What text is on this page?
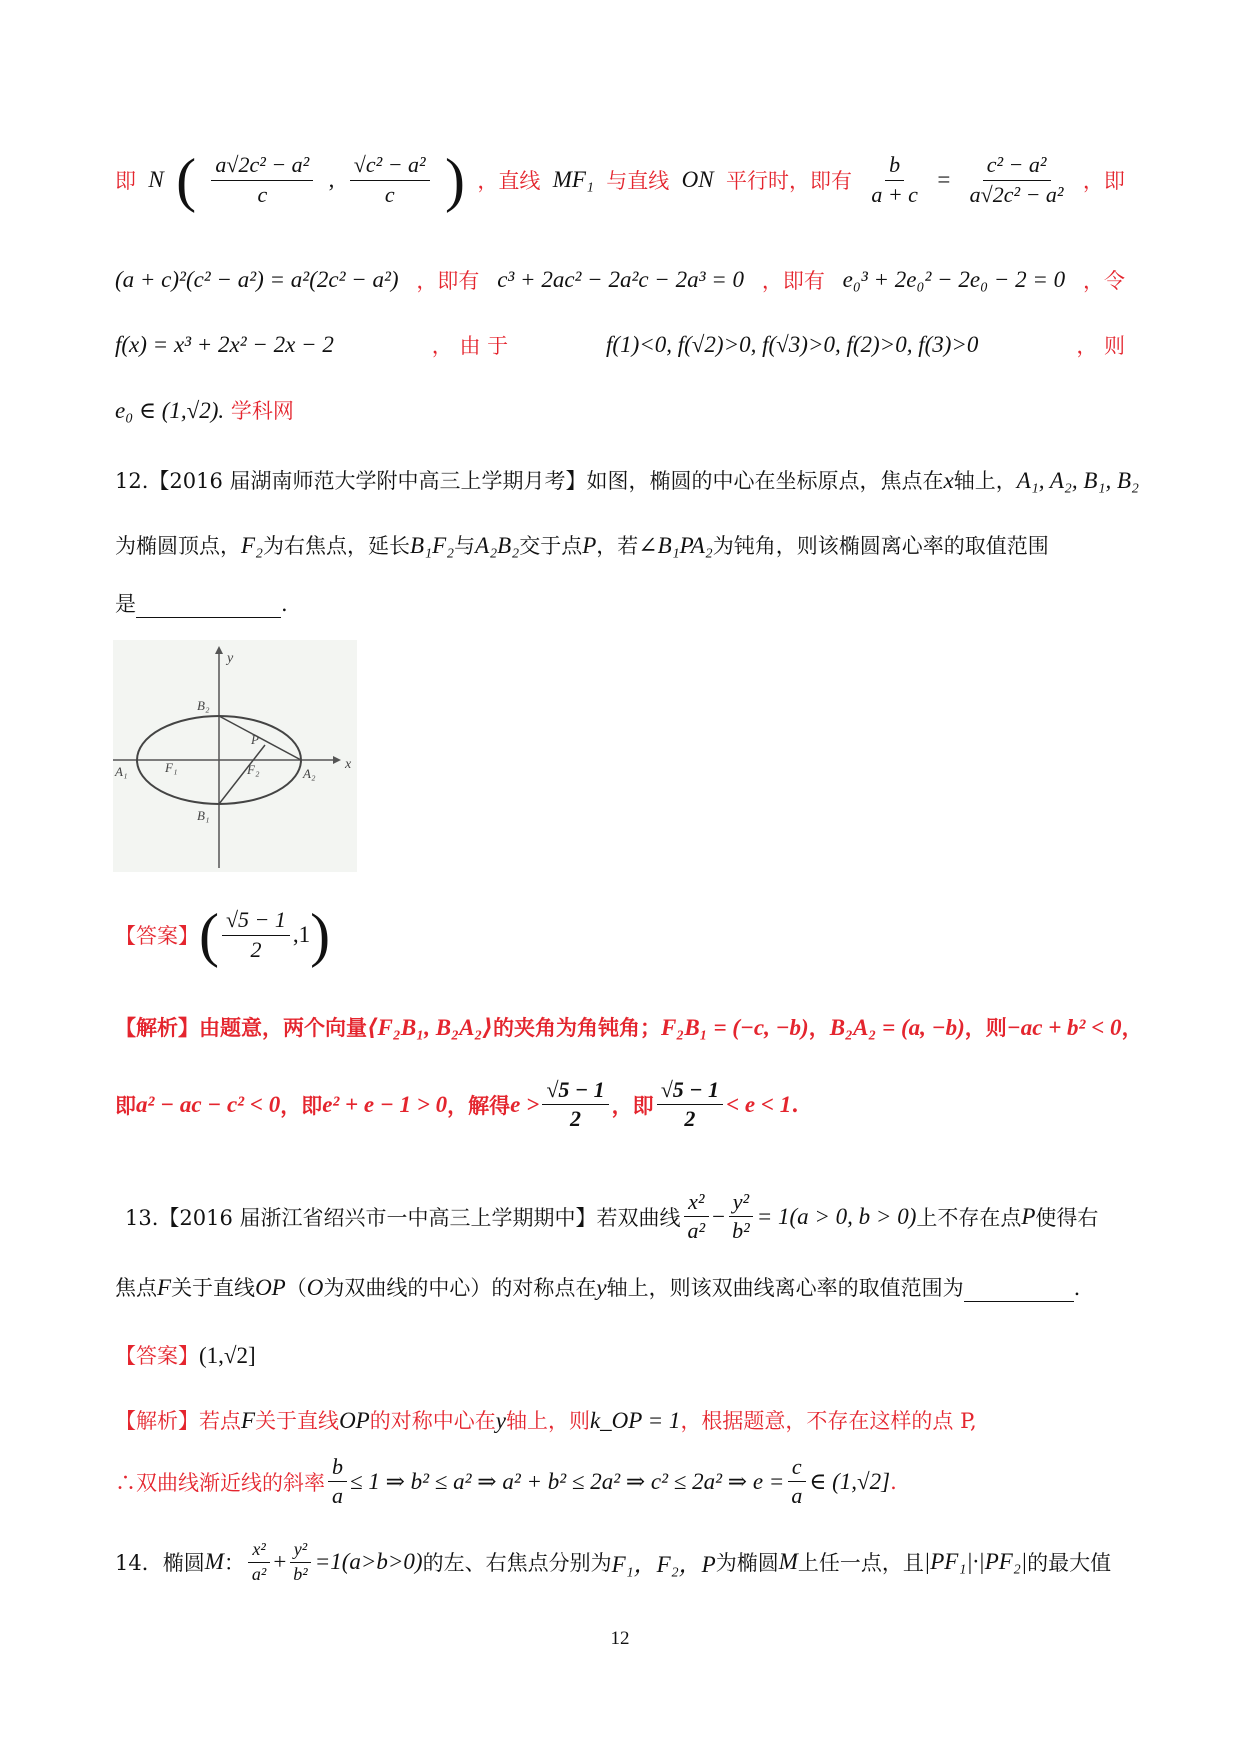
即 N ( $\frac{\text{a√2c² − a²}}{c}$ , $\frac{\text{√c² − a²}}{c}$ ) ，直线 MF₁ 与直线 ON 平行时，即有 $\frac{b}{a + c} = \frac{\text{c² − a²}}{\text{a√2c² − a²}}$ ，即
(a + c)²(c² − a²) = a²(2c² − a²) ，即有 c³ + 2ac² − 2a²c − 2a³ = 0 ，即有 e₀³ + 2e₀² − 2e₀ − 2 = 0 ，令
f(x) = x³ + 2x² − 2x − 2	， 由 于	f(1)<0, f(√2)>0, f(√3)>0, f(2)>0, f(3)>0	， 则
e₀ ∈ (1,√2). 学科网
12.【2016 届湖南师范大学附中高三上学期月考】如图，椭圆的中心在坐标原点，焦点在x轴上，A₁, A₂, B₁, B₂
为椭圆顶点，F₂为右焦点，延长B₁F₂与A₂B₂交于点P，若∠B₁PA₂为钝角，则该椭圆离心率的取值范围
是	.
y
x
B₂
B₁
A₁	A₂
F₁	F₂
P
【答案】 ( $\frac{√5 - 1}{2} ,1$ )
【解析】由题意，两个向量⟨F₂B₁, B₂A₂⟩的夹角为角钝角；F₂B₁ = (−c, −b)，B₂A₂ = (a, −b)，则−ac + b² < 0，
即 a² − ac − c² < 0 ，即 e² + e − 1 > 0 ，解得 $e > \frac{√5 - 1}{2}$ ，即 $\frac{√5 - 1}{2} < e < 1$ .
13.【2016 届浙江省绍兴市一中高三上学期期中】若双曲线 $\frac{\text{x²}}{\text{a²}} - \frac{\text{y²}}{\text{b²}} = 1(a > 0$, b > 0) 上不存在点 P 使得右
焦点F关于直线OP（O为双曲线的中心）的对称点在y轴上，则该双曲线离心率的取值范围为	.
【答案】(1,√2]
【解析】若点F关于直线OP的对称中心在y轴上，则k_OP = 1，根据题意，不存在这样的点 P,
∴双曲线渐近线的斜率 $\frac{b}{a} \le 1$ ⇒ b² ≤ a² ⇒ a² + b² ≤ 2a² ⇒ c² ≤ 2a² ⇒ $e = \frac{c}{a}$ ∈ (1,√2] .
14．椭圆 M ： $\frac{\text{x²}}{\text{a²}} + \frac{\text{y²}}{\text{b²}} =1(a>b>0)$ 的左、右焦点分别为 F₁，F₂，P 为椭圆 M 上任一点，且 |PF₁|·|PF₂| 的最大值
12
